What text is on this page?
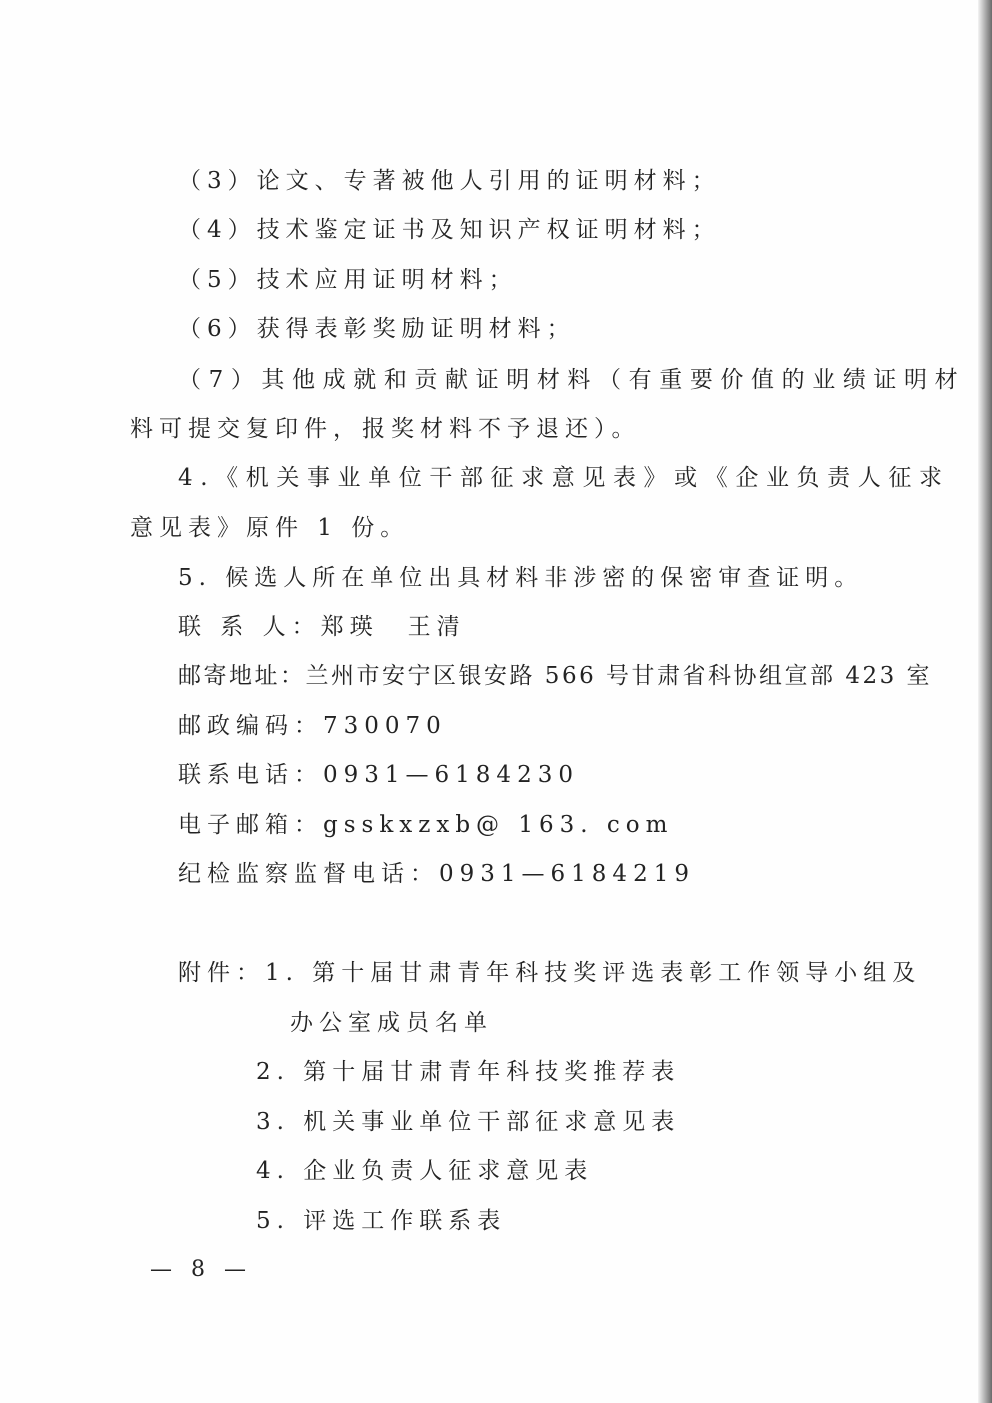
（3）论文、专著被他人引用的证明材料；
（4）技术鉴定证书及知识产权证明材料；
（5）技术应用证明材料；
（6）获得表彰奖励证明材料；
（7）其他成就和贡献证明材料（有重要价值的业绩证明材
料可提交复印件，报奖材料不予退还）。
4.《机关事业单位干部征求意见表》或《企业负责人征求
意见表》原件 1 份。
5. 候选人所在单位出具材料非涉密的保密审查证明。
联 系 人：郑瑛　王清
邮寄地址：兰州市安宁区银安路 566 号甘肃省科协组宣部 423 室
邮政编码：730070
联系电话：0931—6184230
电子邮箱：gsskxzxb@ 163. com
纪检监察监督电话：0931—6184219
附件：1. 第十届甘肃青年科技奖评选表彰工作领导小组及
办公室成员名单
2. 第十届甘肃青年科技奖推荐表
3. 机关事业单位干部征求意见表
4. 企业负责人征求意见表
5. 评选工作联系表
— 8 —
